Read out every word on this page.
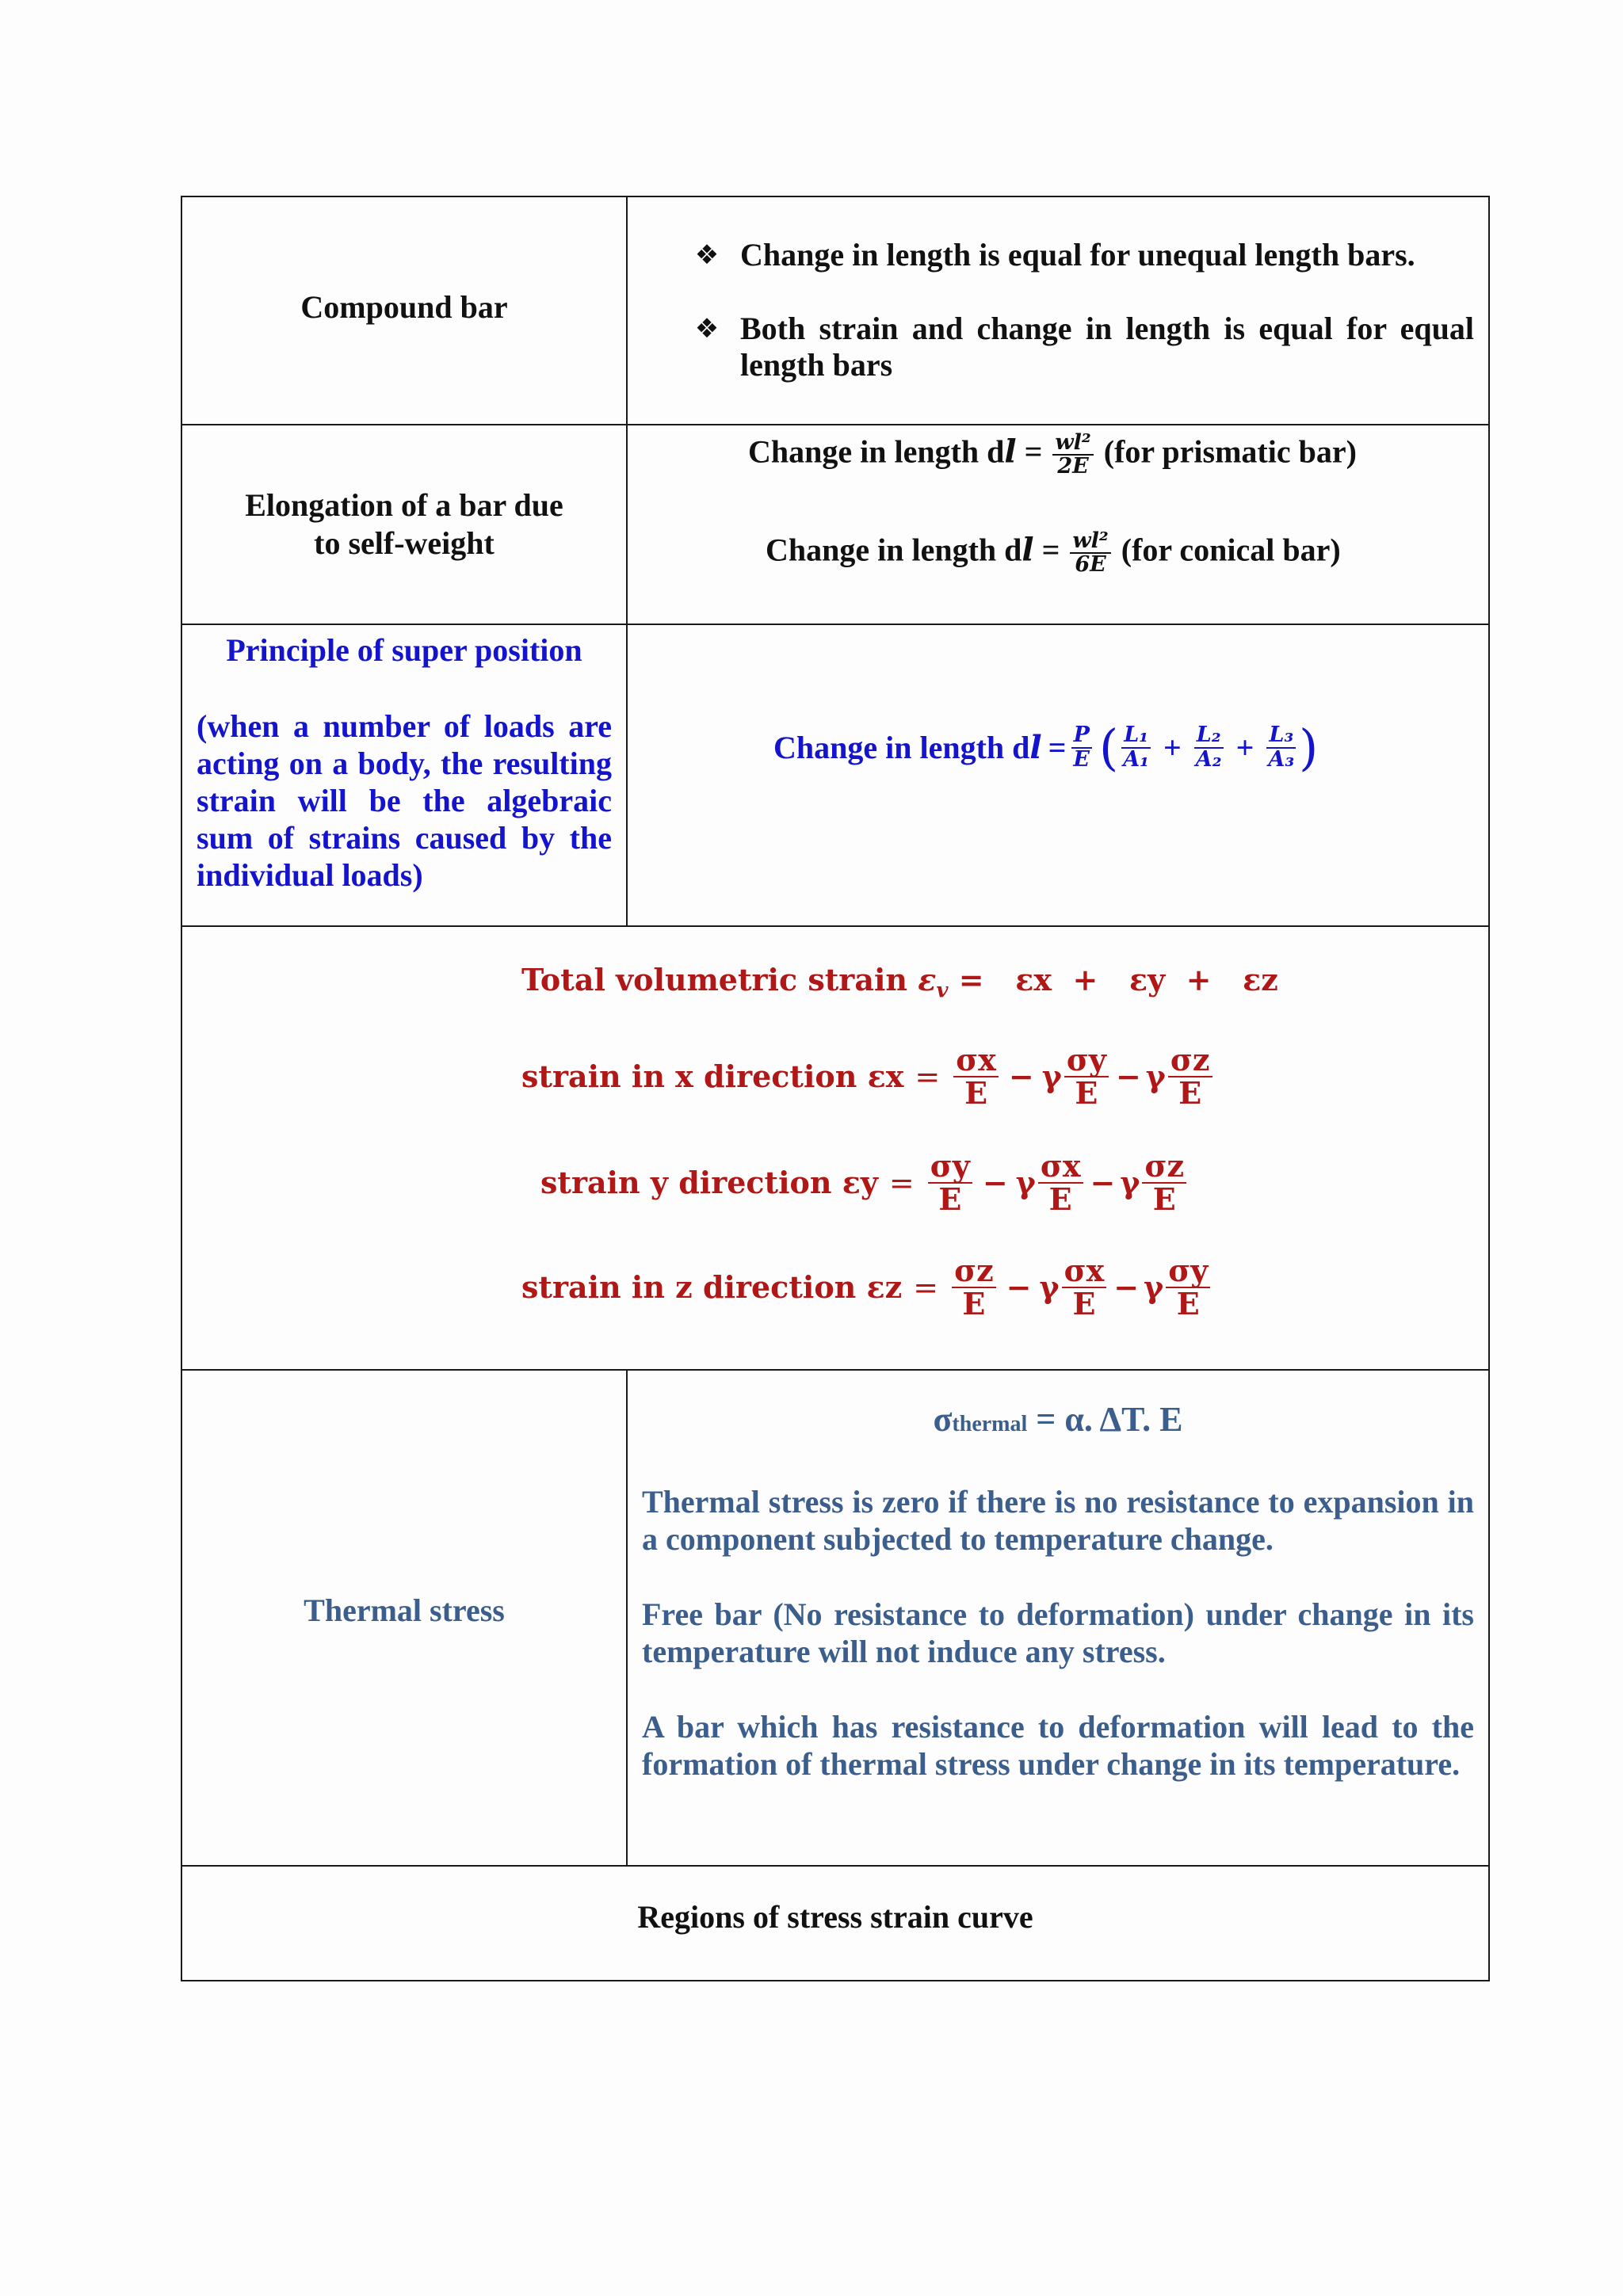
Compound bar
❖ Change in length is equal for unequal length bars.
❖ Both strain and change in length is equal for equal length bars
Elongation of a bar due to self-weight
Change in length dl = $\frac{\text{wl²}}{2E} (for$ prismatic bar)
Change in length dl = $\frac{\text{wl²}}{6E} (for$ conical bar)
Principle of super position
(when a number of loads are acting on a body, the resulting strain will be the algebraic sum of strains caused by the individual loads)
Change in length d $l = \frac{P}{E}$ ( $\frac{\text{L₁}}{\text{A₁}} + \frac{\text{L₂}}{\text{A₂}} + \frac{\text{L₃}}{\text{A₃}}$ )
Total volumetric strain $\varepsilon_v = \varepsilon x + \varepsilon y + \varepsilon z$
strain in x direction
$\varepsilon x = \frac{\sigma x}{E} - \gamma \frac{\sigma y}{E} - \gamma \frac{\sigma z}{E}$
strain y direction
$\varepsilon y = \frac{\sigma y}{E} - \gamma \frac{\sigma x}{E} - \gamma \frac{\sigma z}{E}$
strain in z direction
$\varepsilon z = \frac{\sigma z}{E} - \gamma \frac{\sigma x}{E} - \gamma \frac{\sigma y}{E}$
Thermal stress
σthermal = α. ΔT. E
Thermal stress is zero if there is no resistance to expansion in a component subjected to temperature change.
Free bar (No resistance to deformation) under change in its temperature will not induce any stress.
A bar which has resistance to deformation will lead to the formation of thermal stress under change in its temperature.
Regions of stress strain curve
